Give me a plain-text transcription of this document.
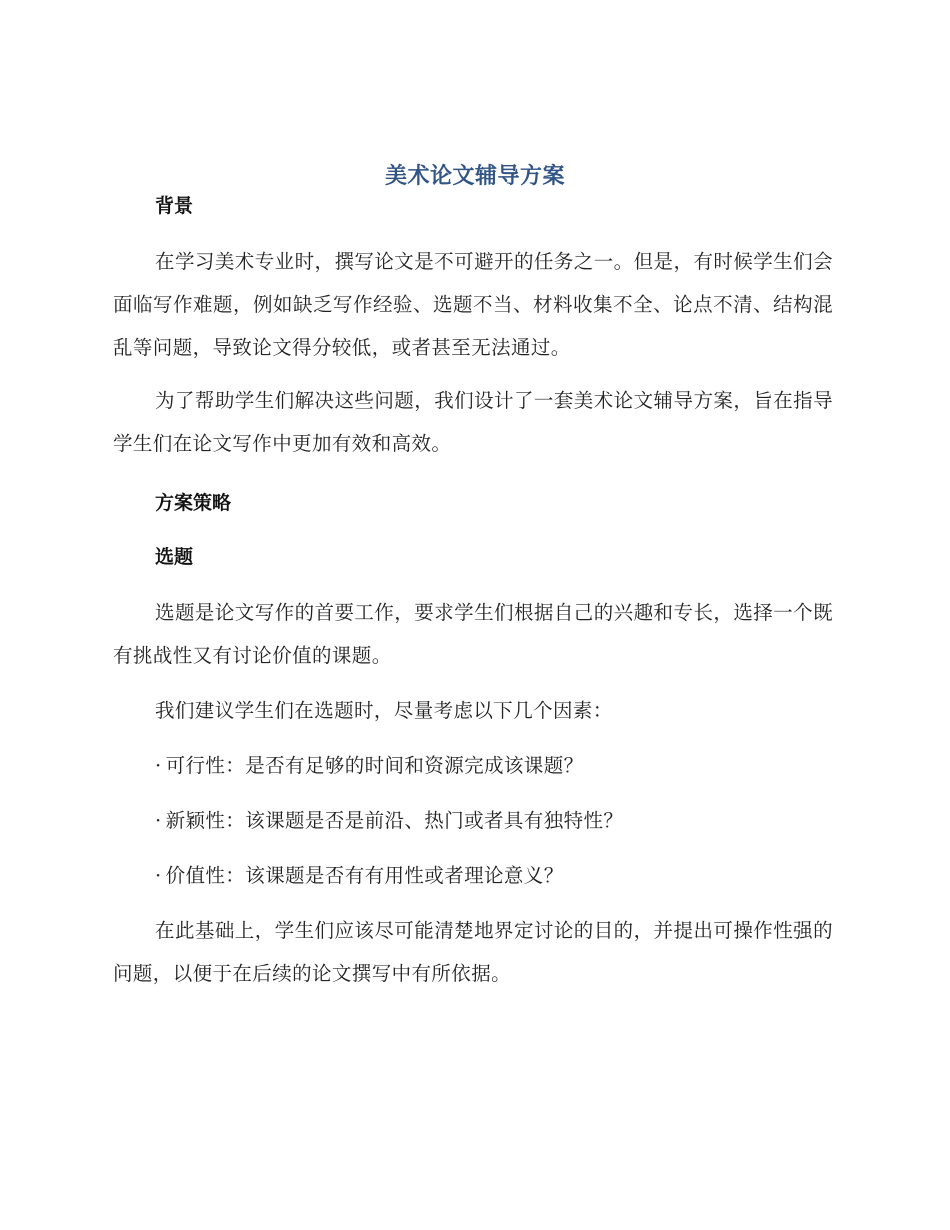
美术论文辅导方案
背景

在学习美术专业时，撰写论文是不可避开的任务之一。但是，有时候学生们会面临写作难题，例如缺乏写作经验、选题不当、材料收集不全、论点不清、结构混乱等问题，导致论文得分较低，或者甚至无法通过。

为了帮助学生们解决这些问题，我们设计了一套美术论文辅导方案，旨在指导学生们在论文写作中更加有效和高效。

方案策略
选题

选题是论文写作的首要工作，要求学生们根据自己的兴趣和专长，选择一个既有挑战性又有讨论价值的课题。

我们建议学生们在选题时，尽量考虑以下几个因素：

· 可行性：是否有足够的时间和资源完成该课题？

· 新颖性：该课题是否是前沿、热门或者具有独特性？

· 价值性：该课题是否有有用性或者理论意义？

在此基础上，学生们应该尽可能清楚地界定讨论的目的，并提出可操作性强的问题，以便于在后续的论文撰写中有所依据。
